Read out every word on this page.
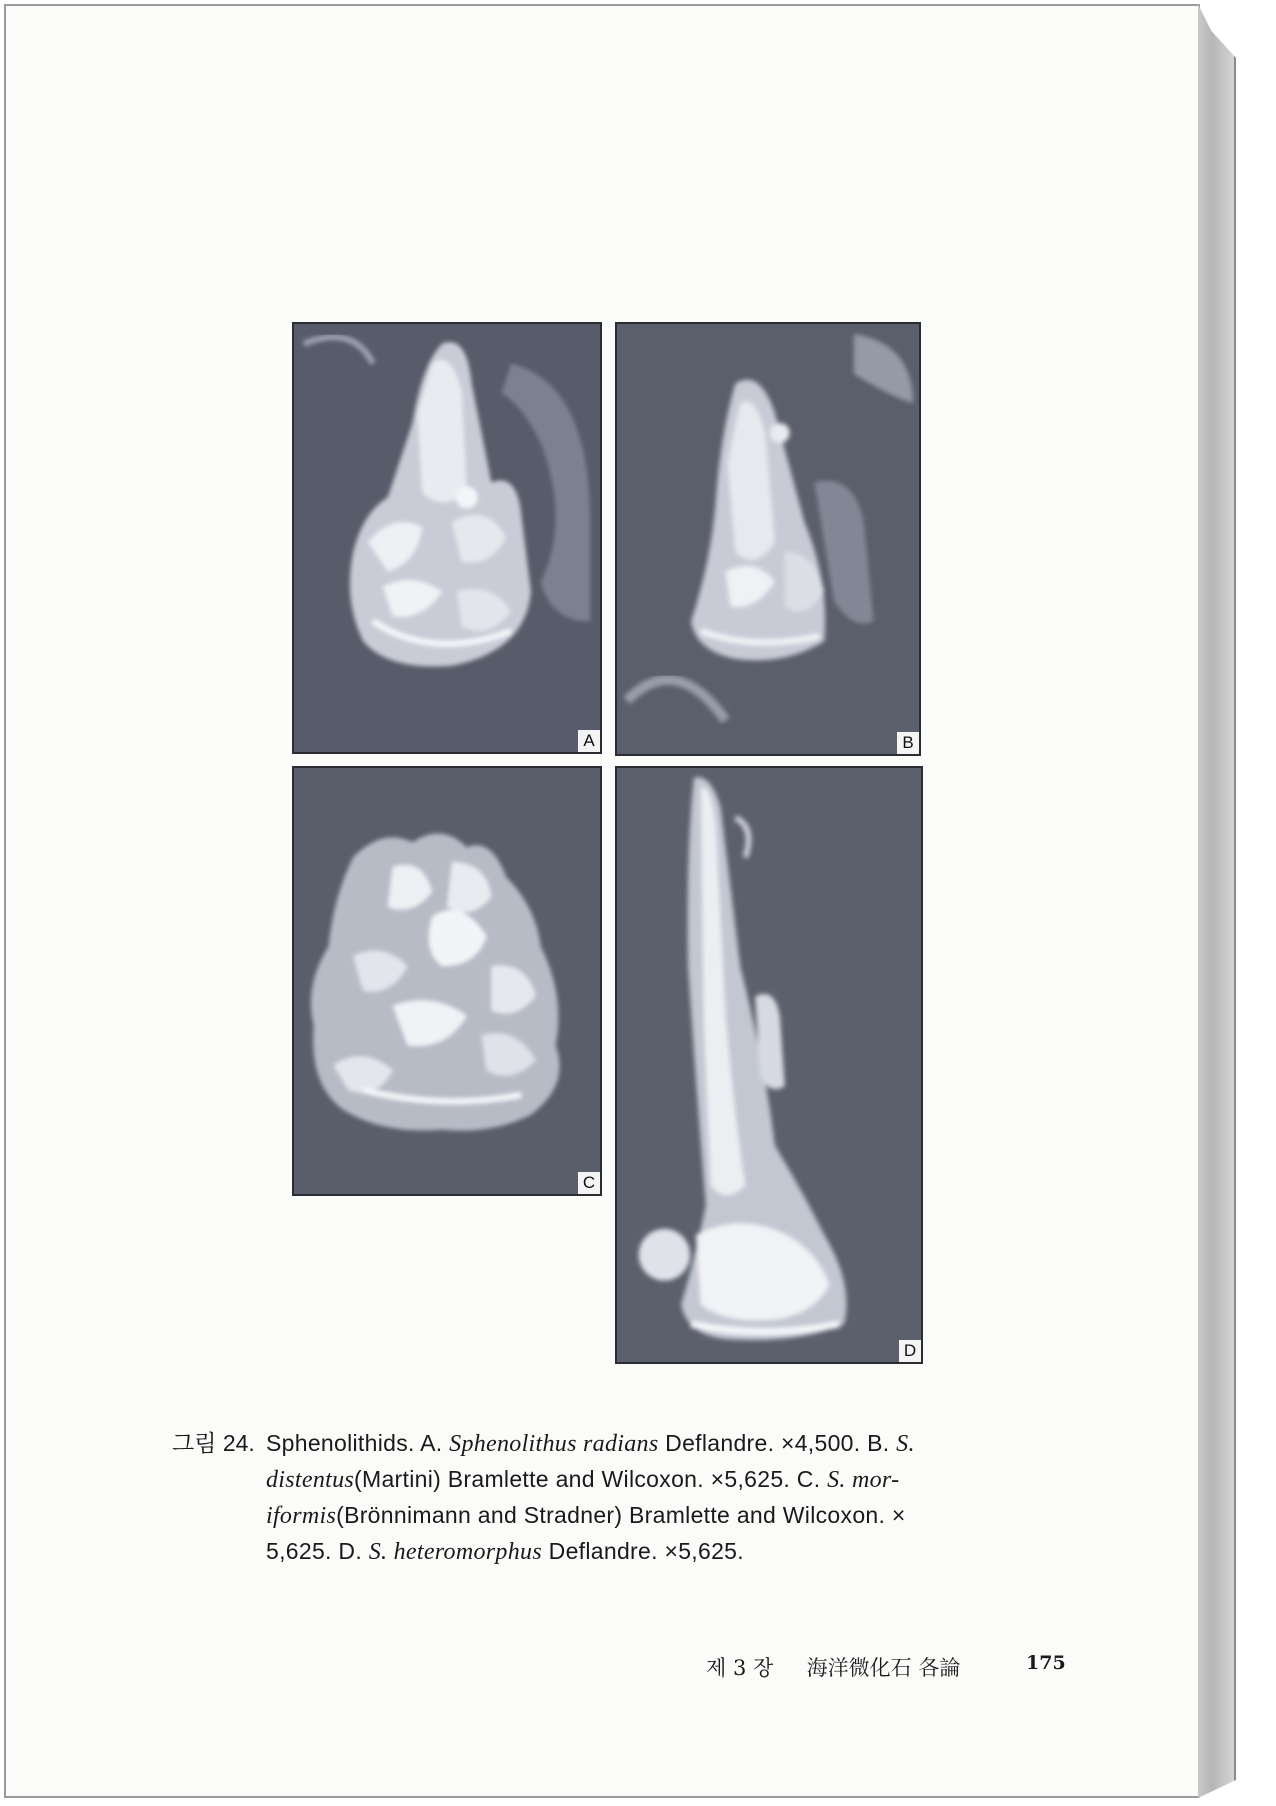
A	B
C
D
그림 24. Sphenolithids. A. Sphenolithus radians Deflandre. ×4,500. B. S.
distentus(Martini) Bramlette and Wilcoxon. ×5,625. C. S. mor-
iformis(Brönnimann and Stradner) Bramlette and Wilcoxon. ×
5,625. D. S. heteromorphus Deflandre. ×5,625.
제 3 장 海洋微化石 各論	175
